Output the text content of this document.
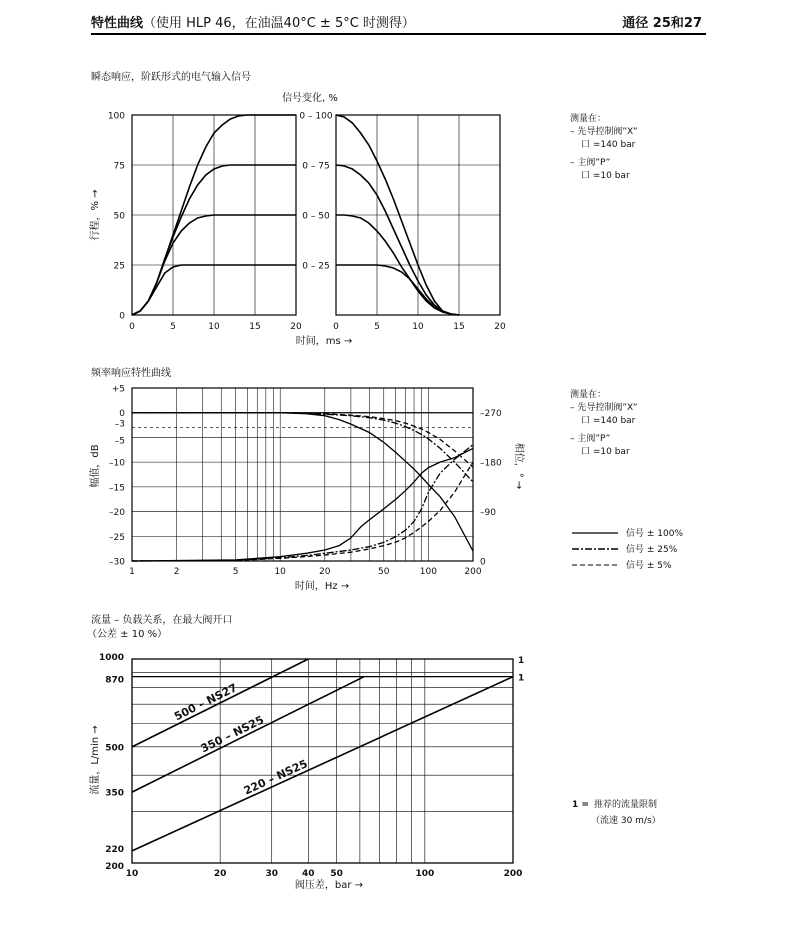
特性曲线（使用 HLP 46，在油温40°C ± 5°C 时测得）	通径 25和27
瞬态响应，阶跃形式的电气输入信号
信号变化, %
行程，% →
时间，ms →
0
25
50
75
100
0	0
5	5
10	10
15	15
20	20
0 – 100
0 – 75
0 – 50
0 – 25
测量在：
– 先导控制阀”X”
口 =140 bar
– 主阀”P”
口 =10 bar
频率响应特性曲线
幅值，dB	相位，° →
时间，Hz →
+5
0
–3
–5
–10
–15
–20
–25
–30
–270
–180
–90
0
1	2	5	10	20	50	100	200
测量在：
– 先导控制阀”X”
口 =140 bar
– 主阀”P”
口 =10 bar
信号 ± 100%
信号 ± 25%
信号 ± 5%
流量 – 负载关系，在最大阀开口
（公差 ± 10 %）
流量，L/min →
阀压差，bar →
500 – NS27
350 – NS25
220 – NS25
200
220
350
500
870
1000
10	20	30	40 50	100	200
1
1
1 = 推荐的流量限制
（流速 30 m/s）
